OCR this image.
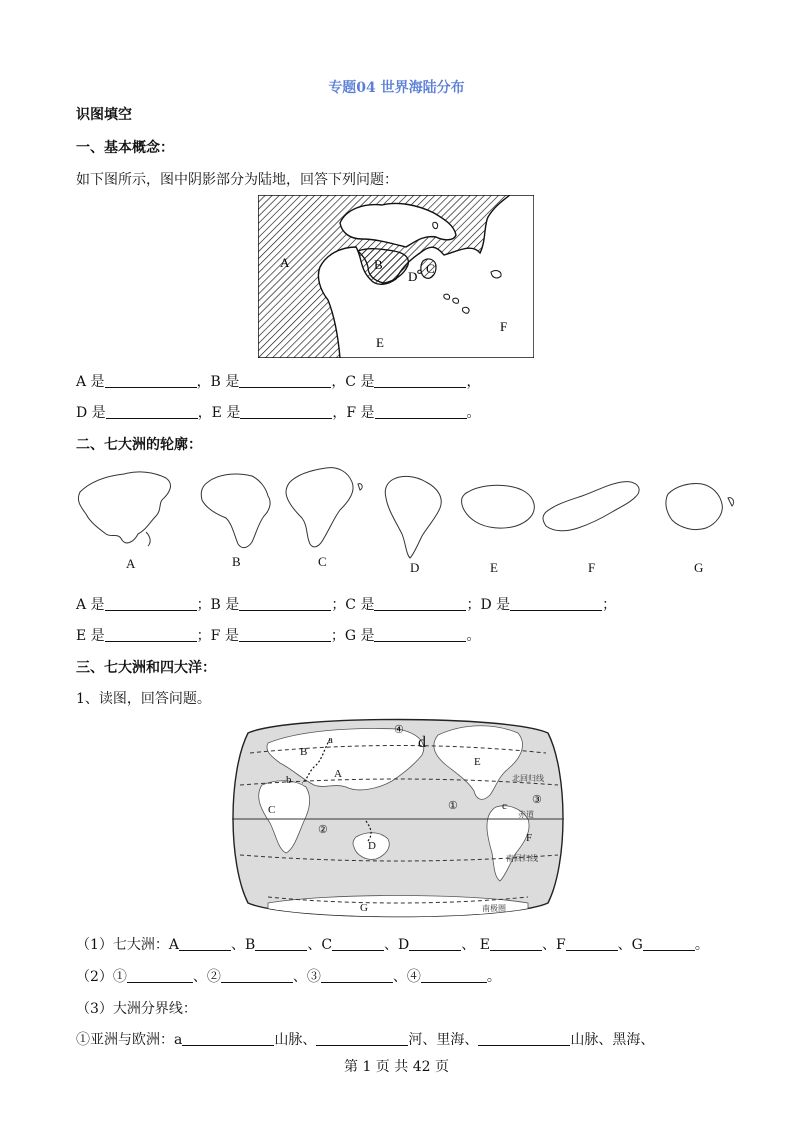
专题04 世界海陆分布
识图填空
一、基本概念：
如下图所示，图中阴影部分为陆地，回答下列问题：
A	B	C
D
E
F
A 是	，B 是	，C 是	，
D 是	，E 是	，F 是	。
二、七大洲的轮廓：
A	B	C	D	E	F	G
A 是	；B 是	；C 是	；D 是	；
E 是	；F 是	；G 是	。
三、七大洲和四大洋：
1、读图，回答问题。
A
B
C
D
E
F
G
①
②
③
④
a
b
c
d
北回归线
赤道
南回归线
南极圈
（1）七大洲：A	、B	、C	、D	、 E	、F	、G	。
（2）①	、②	、③	、④	。
（3）大洲分界线：
①亚洲与欧洲：a	山脉、	河、里海、	山脉、黑海、
第 1 页 共 42 页
